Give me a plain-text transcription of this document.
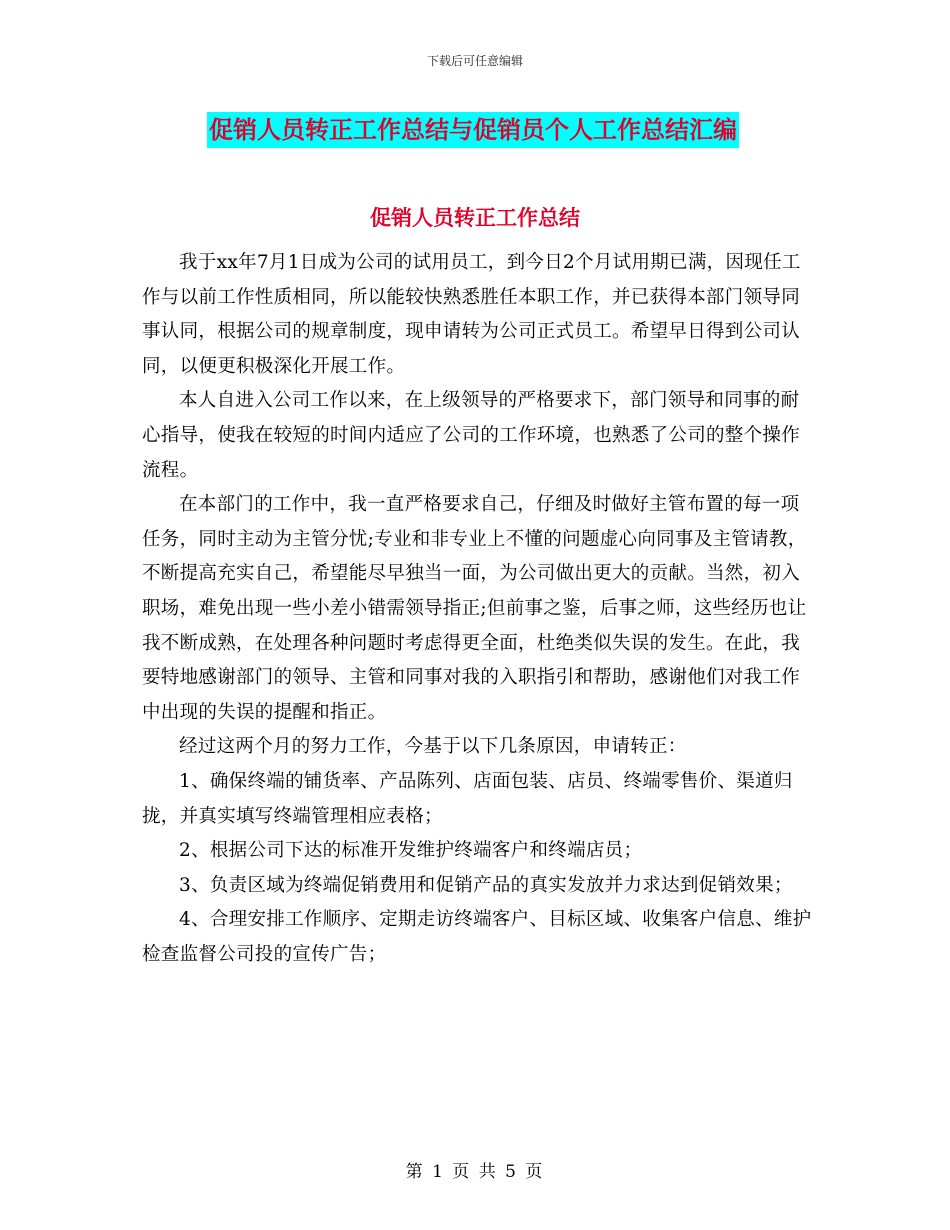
下载后可任意编辑
促销人员转正工作总结与促销员个人工作总结汇编
促销人员转正工作总结

我于xx年7月1日成为公司的试用员工，到今日2个月试用期已满，因现任工作与以前工作性质相同，所以能较快熟悉胜任本职工作，并已获得本部门领导同事认同，根据公司的规章制度，现申请转为公司正式员工。希望早日得到公司认同，以便更积极深化开展工作。

本人自进入公司工作以来，在上级领导的严格要求下，部门领导和同事的耐心指导，使我在较短的时间内适应了公司的工作环境，也熟悉了公司的整个操作流程。

在本部门的工作中，我一直严格要求自己，仔细及时做好主管布置的每一项任务，同时主动为主管分忧;专业和非专业上不懂的问题虚心向同事及主管请教，不断提高充实自己，希望能尽早独当一面，为公司做出更大的贡献。当然，初入职场，难免出现一些小差小错需领导指正;但前事之鉴，后事之师，这些经历也让我不断成熟，在处理各种问题时考虑得更全面，杜绝类似失误的发生。在此，我要特地感谢部门的领导、主管和同事对我的入职指引和帮助，感谢他们对我工作中出现的失误的提醒和指正。

经过这两个月的努力工作，今基于以下几条原因，申请转正：

1、确保终端的铺货率、产品陈列、店面包装、店员、终端零售价、渠道归拢，并真实填写终端管理相应表格；

2、根据公司下达的标准开发维护终端客户和终端店员；

3、负责区域为终端促销费用和促销产品的真实发放并力求达到促销效果；

4、合理安排工作顺序、定期走访终端客户、目标区域、收集客户信息、维护检查监督公司投的宣传广告；

第 1 页 共 5 页
